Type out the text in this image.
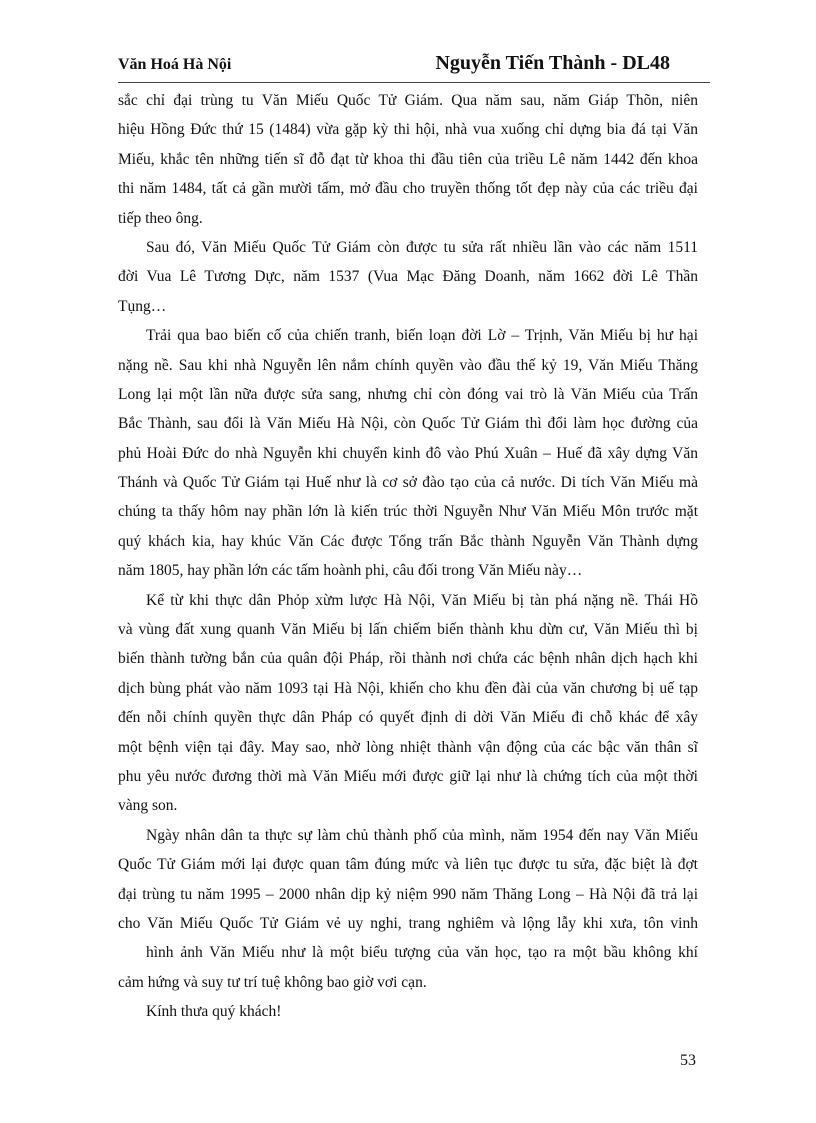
Văn Hoá Hà Nội	Nguyễn Tiến Thành - DL48
sắc chỉ đại trùng tu Văn Miếu Quốc Tử Giám. Qua năm sau, năm Giáp Thõn, niên
hiệu Hồng Đức thứ 15 (1484) vừa gặp kỳ thi hội, nhà vua xuống chỉ dựng bia đá tại Văn
Miếu, khắc tên những tiến sĩ đỗ đạt từ khoa thi đầu tiên của triều Lê năm 1442 đến khoa
thi năm 1484, tất cả gần mười tấm, mở đầu cho truyền thống tốt đẹp này của các triều đại
tiếp theo ông.
Sau đó, Văn Miếu Quốc Tử Giám còn được tu sửa rất nhiều lần vào các năm 1511
đời Vua Lê Tương Dực, năm 1537 (Vua Mạc Đăng Doanh, năm 1662 đời Lê Thần
Tụng…
Trải qua bao biến cố của chiến tranh, biến loạn đời Lờ – Trịnh, Văn Miếu bị hư hại
nặng nề. Sau khi nhà Nguyễn lên nắm chính quyền vào đầu thế kỷ 19, Văn Miếu Thăng
Long lại một lần nữa được sửa sang, nhưng chỉ còn đóng vai trò là Văn Miếu của Trấn
Bắc Thành, sau đổi là Văn Miếu Hà Nội, còn Quốc Tử Giám thì đổi làm học đường của
phủ Hoài Đức do nhà Nguyễn khi chuyển kinh đô vào Phú Xuân – Huế đã xây dựng Văn
Thánh và Quốc Tử Giám tại Huế như là cơ sở đào tạo của cả nước. Di tích Văn Miếu mà
chúng ta thấy hôm nay phần lớn là kiến trúc thời Nguyễn Như Văn Miếu Môn trước mặt
quý khách kia, hay khúc Văn Các được Tổng trấn Bắc thành Nguyễn Văn Thành dựng
năm 1805, hay phần lớn các tấm hoành phi, câu đối trong Văn Miếu này…
Kể từ khi thực dân Phỏp xừm lược Hà Nội, Văn Miếu bị tàn phá nặng nề. Thái Hồ
và vùng đất xung quanh Văn Miếu bị lấn chiếm biến thành khu dừn cư, Văn Miếu thì bị
biến thành tường bắn của quân đội Pháp, rồi thành nơi chứa các bệnh nhân dịch hạch khi
dịch bùng phát vào năm 1093 tại Hà Nội, khiến cho khu đền đài của văn chương bị uế tạp
đến nỗi chính quyền thực dân Pháp có quyết định di dời Văn Miếu đi chỗ khác để xây
một bệnh viện tại đây. May sao, nhờ lòng nhiệt thành vận động của các bậc văn thân sĩ
phu yêu nước đương thời mà Văn Miếu mới được giữ lại như là chứng tích của một thời
vàng son.
Ngày nhân dân ta thực sự làm chủ thành phố của mình, năm 1954 đến nay Văn Miếu
Quốc Tử Giám mới lại được quan tâm đúng mức và liên tục được tu sửa, đặc biệt là đợt
đại trùng tu năm 1995 – 2000 nhân dịp kỷ niệm 990 năm Thăng Long – Hà Nội đã trả lại
cho Văn Miếu Quốc Tử Giám vẻ uy nghi, trang nghiêm và lộng lẫy khi xưa, tôn vinh
hình ảnh Văn Miếu như là một biểu tượng của văn học, tạo ra một bầu không khí
cảm hứng và suy tư trí tuệ không bao giờ vơi cạn.
Kính thưa quý khách!
53
